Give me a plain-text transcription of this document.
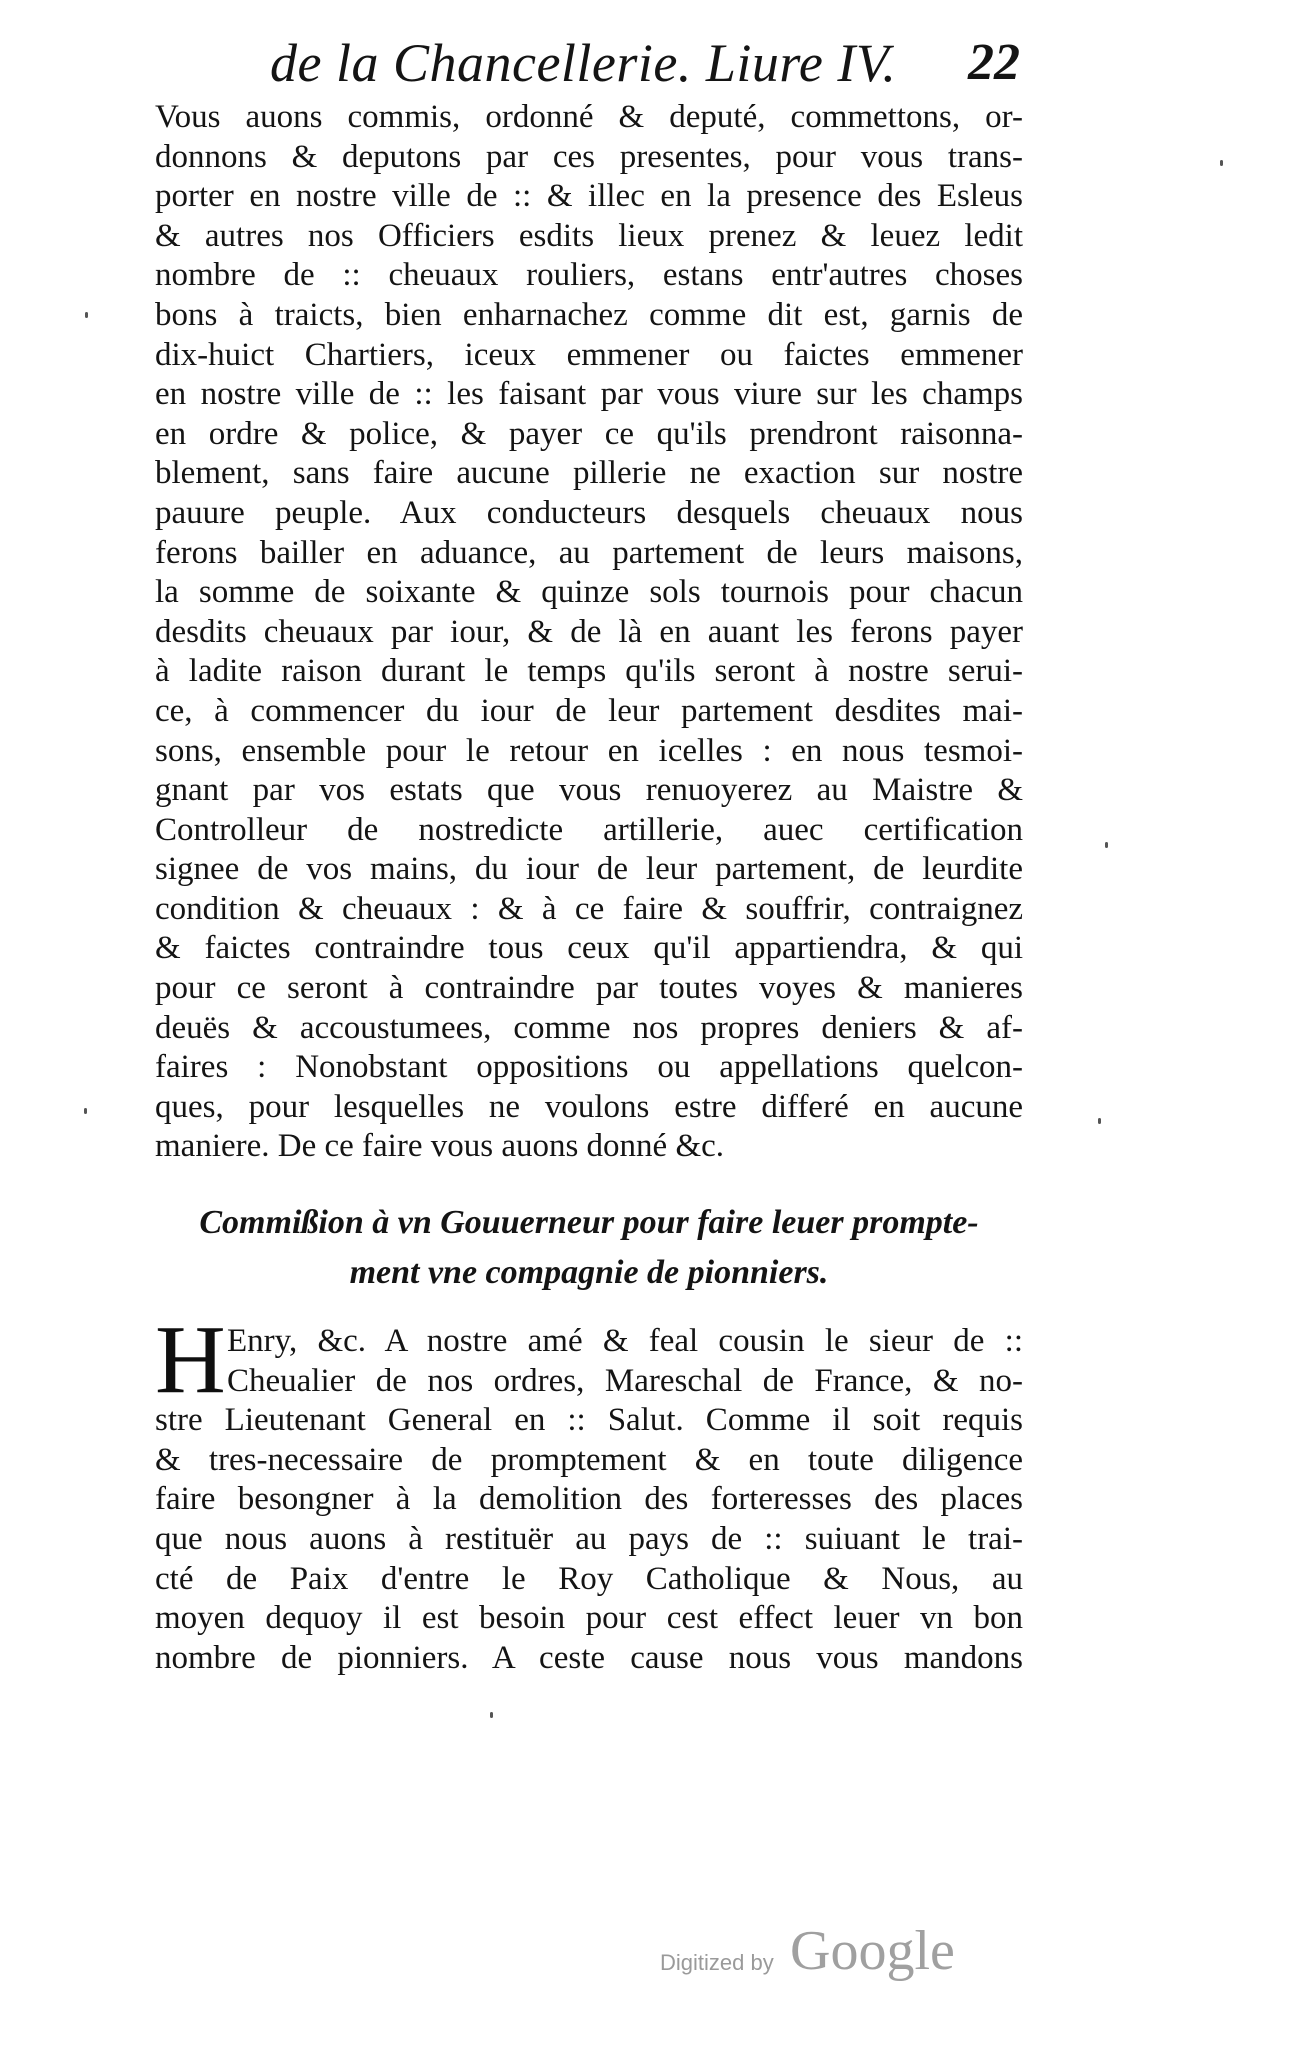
de la Chancellerie. Liure IV. 22
Vous auons commis, ordonné & deputé, commettons, or-
donnons & deputons par ces presentes, pour vous trans-
porter en nostre ville de :: & illec en la presence des Esleus
& autres nos Officiers esdits lieux prenez & leuez ledit
nombre de :: cheuaux rouliers, estans entr'autres choses
bons à traicts, bien enharnachez comme dit est, garnis de
dix-huict Chartiers, iceux emmener ou faictes emmener
en nostre ville de :: les faisant par vous viure sur les champs
en ordre & police, & payer ce qu'ils prendront raisonna-
blement, sans faire aucune pillerie ne exaction sur nostre
pauure peuple. Aux conducteurs desquels cheuaux nous
ferons bailler en aduance, au partement de leurs maisons,
la somme de soixante & quinze sols tournois pour chacun
desdits cheuaux par iour, & de là en auant les ferons payer
à ladite raison durant le temps qu'ils seront à nostre serui-
ce, à commencer du iour de leur partement desdites mai-
sons, ensemble pour le retour en icelles : en nous tesmoi-
gnant par vos estats que vous renuoyerez au Maistre &
Controlleur de nostredicte artillerie, auec certification
signee de vos mains, du iour de leur partement, de leurdite
condition & cheuaux : & à ce faire & souffrir, contraignez
& faictes contraindre tous ceux qu'il appartiendra, & qui
pour ce seront à contraindre par toutes voyes & manieres
deuës & accoustumees, comme nos propres deniers & af-
faires : Nonobstant oppositions ou appellations quelcon-
ques, pour lesquelles ne voulons estre differé en aucune
maniere. De ce faire vous auons donné &c.
Commißion à vn Gouuerneur pour faire leuer prompte-
ment vne compagnie de pionniers.
H Enry, &c. A nostre amé & feal cousin le sieur de ::
Cheualier de nos ordres, Mareschal de France, & no-
stre Lieutenant General en :: Salut. Comme il soit requis
& tres-necessaire de promptement & en toute diligence
faire besongner à la demolition des forteresses des places
que nous auons à restituër au pays de :: suiuant le trai-
cté de Paix d'entre le Roy Catholique & Nous, au
moyen dequoy il est besoin pour cest effect leuer vn bon
nombre de pionniers. A ceste cause nous vous mandons
Digitized by Google
